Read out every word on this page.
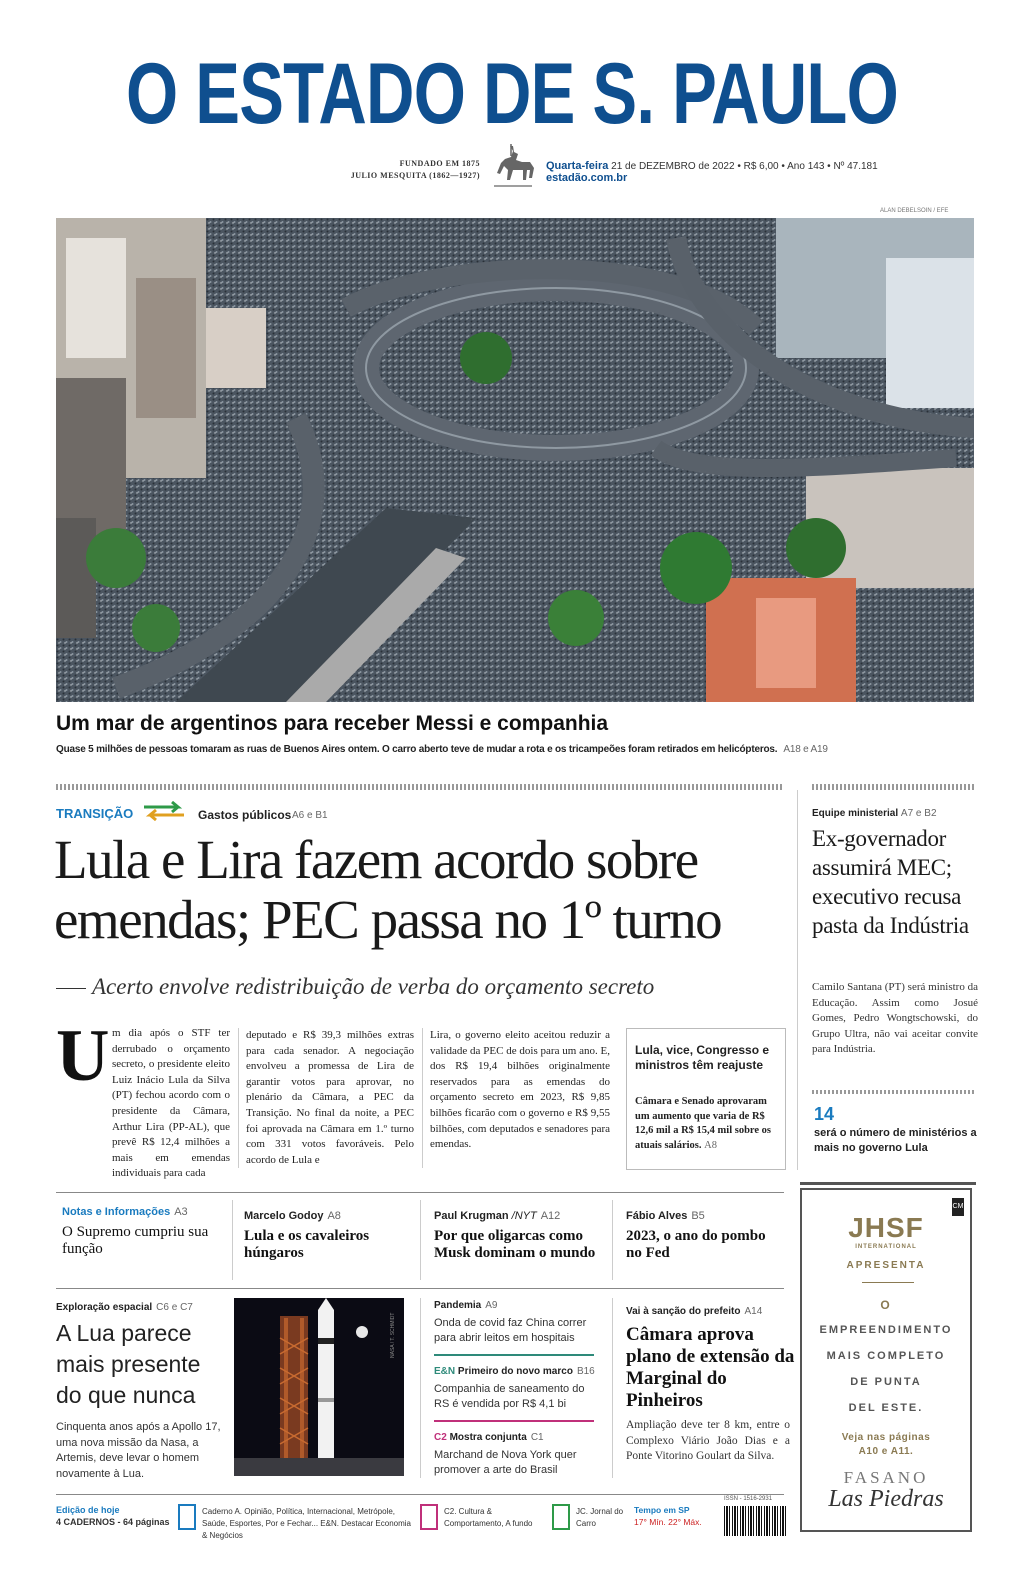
O ESTADO DE S. PAULO
FUNDADO EM 1875
JULIO MESQUITA (1862—1927)
Quarta-feira 21 de DEZEMBRO de 2022 • R$ 6,00 • Ano 143 • Nº 47.181
estadão.com.br
ALAN DEBELSOIN / EFE
Um mar de argentinos para receber Messi e companhia
Quase 5 milhões de pessoas tomaram as ruas de Buenos Aires ontem. O carro aberto teve de mudar a rota e os tricampeões foram retirados em helicópteros. A18 e A19
TRANSIÇÃO	Gastos públicos A6 e B1
Lula e Lira fazem acordo sobre
emendas; PEC passa no 1º turno
Acerto envolve redistribuição de verba do orçamento secreto
U m dia após o STF ter derrubado o orçamento secreto, o presidente eleito Luiz Inácio Lula da Silva (PT) fechou acordo com o presidente da Câmara, Arthur Lira (PP-AL), que prevê R$ 12,4 milhões a mais em emendas individuais para cada
deputado e R$ 39,3 milhões extras para cada senador. A negociação envolveu a promessa de Lira de garantir votos para aprovar, no plenário da Câmara, a PEC da Transição. No final da noite, a PEC foi aprovada na Câmara em 1.º turno com 331 votos favoráveis. Pelo acordo de Lula e
Lira, o governo eleito aceitou reduzir a validade da PEC de dois para um ano. E, dos R$ 19,4 bilhões originalmente reservados para as emendas do orçamento secreto em 2023, R$ 9,85 bilhões ficarão com o governo e R$ 9,55 bilhões, com deputados e senadores para emendas.
Lula, vice, Congresso e ministros têm reajuste
Câmara e Senado aprovaram um aumento que varia de R$ 12,6 mil a R$ 15,4 mil sobre os atuais salários. A8
Equipe ministerial A7 e B2
Ex-governador assumirá MEC; executivo recusa pasta da Indústria
Camilo Santana (PT) será ministro da Educação. Assim como Josué Gomes, Pedro Wongtschowski, do Grupo Ultra, não vai aceitar convite para Indústria.
14
será o número de ministérios a mais no governo Lula
Notas e Informações A3
O Supremo cumpriu sua função
Marcelo Godoy A8
Lula e os cavaleiros húngaros
Paul Krugman /NYT A12
Por que oligarcas como Musk dominam o mundo
Fábio Alves B5
2023, o ano do pombo no Fed
Exploração espacial C6 e C7
A Lua parece mais presente do que nunca
Cinquenta anos após a Apollo 17, uma nova missão da Nasa, a Artemis, deve levar o homem novamente à Lua.
NASA / T. SCHMIDT
Pandemia A9
Onda de covid faz China correr para abrir leitos em hospitais
E&N Primeiro do novo marco B16
Companhia de saneamento do RS é vendida por R$ 4,1 bi
C2 Mostra conjunta C1
Marchand de Nova York quer promover a arte do Brasil
Vai à sanção do prefeito A14
Câmara aprova plano de extensão da Marginal do Pinheiros
Ampliação deve ter 8 km, entre o Complexo Viário João Dias e a Ponte Vitorino Goulart da Silva.
CM
JHSF
INTERNATIONAL
APRESENTA
O
EMPREENDIMENTO
MAIS COMPLETO
DE PUNTA
DEL ESTE.
Veja nas páginas
A10 e A11.
FASANO
Las Piedras
Edição de hoje
4 CADERNOS - 64 páginas
Caderno A. Opinião, Política, Internacional, Metrópole, Saúde, Esportes, Por e Fechar... E&N. Destacar Economia & Negócios
C2. Cultura & Comportamento, A fundo
JC. Jornal do Carro
Tempo em SP
17° Mín. 22° Máx.
ISSN - 1516-2931
